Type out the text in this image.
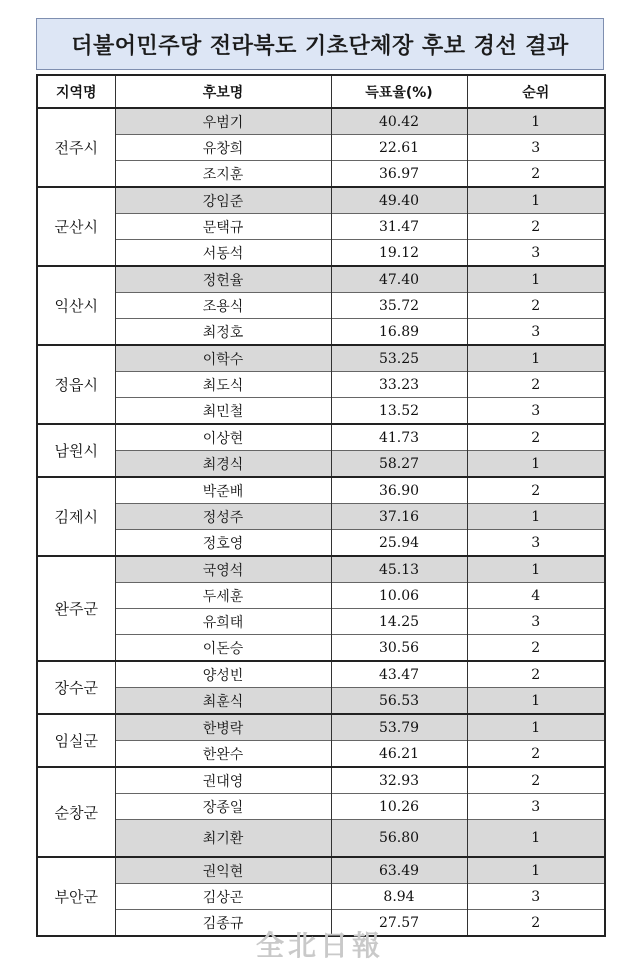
더불어민주당 전라북도 기초단체장 후보 경선 결과
지역명	후보명	득표율(%)	순위
전주시	우범기	40.42	1
	유창희	22.61	3
	조지훈	36.97	2
군산시	강임준	49.40	1
	문택규	31.47	2
	서동석	19.12	3
익산시	정헌율	47.40	1
	조용식	35.72	2
	최정호	16.89	3
정읍시	이학수	53.25	1
	최도식	33.23	2
	최민철	13.52	3
남원시	이상현	41.73	2
	최경식	58.27	1
김제시	박준배	36.90	2
	정성주	37.16	1
	정호영	25.94	3
완주군	국영석	45.13	1
	두세훈	10.06	4
	유희태	14.25	3
	이돈승	30.56	2
장수군	양성빈	43.47	2
	최훈식	56.53	1
임실군	한병락	53.79	1
	한완수	46.21	2
순창군	권대영	32.93	2
	장종일	10.26	3
	최기환	56.80	1
부안군	권익현	63.49	1
	김상곤	8.94	3
	김종규	27.57	2
全北日報
